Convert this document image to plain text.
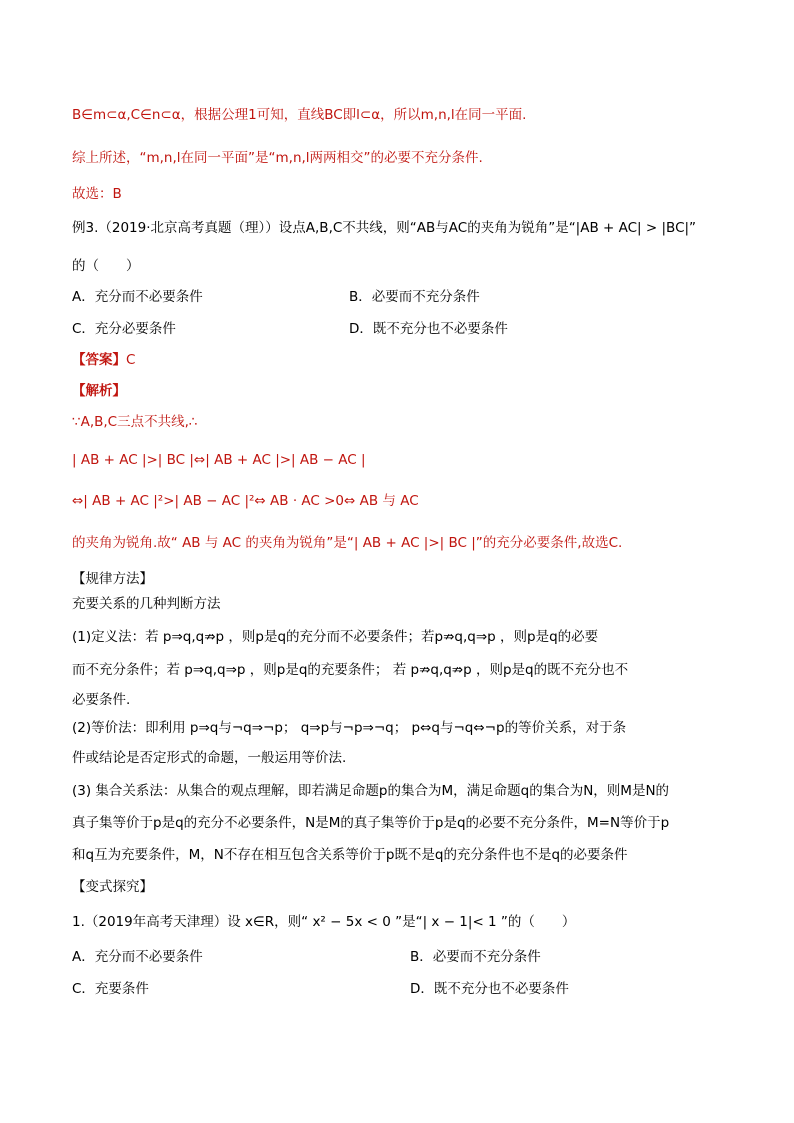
B∈m⊂α,C∈n⊂α，根据公理1可知，直线BC即l⊂α，所以m,n,l在同一平面.
综上所述，“m,n,l在同一平面”是“m,n,l两两相交”的必要不充分条件.
故选：B
例3.（2019·北京高考真题（理））设点A,B,C不共线，则“AB与AC的夹角为锐角”是“|AB + AC| > |BC|”
的（　　）
A．充分而不必要条件	B．必要而不充分条件
C．充分必要条件	D．既不充分也不必要条件
【答案】C
【解析】
∵A,B,C三点不共线,∴
| AB + AC |>| BC |⇔| AB + AC |>| AB − AC |
⇔| AB + AC |²>| AB − AC |²⇔ AB · AC >0⇔ AB 与 AC
的夹角为锐角.故“ AB 与 AC 的夹角为锐角”是“| AB + AC |>| BC |”的充分必要条件,故选C.
【规律方法】
充要关系的几种判断方法
(1)定义法：若 p⇒q,q⇏p ，则p是q的充分而不必要条件；若p⇏q,q⇒p ，则p是q的必要
而不充分条件；若 p⇒q,q⇒p ，则p是q的充要条件； 若 p⇏q,q⇏p ，则p是q的既不充分也不
必要条件.
(2)等价法：即利用 p⇒q与¬q⇒¬p； q⇒p与¬p⇒¬q； p⇔q与¬q⇔¬p的等价关系，对于条
件或结论是否定形式的命题，一般运用等价法.
(3) 集合关系法：从集合的观点理解，即若满足命题p的集合为M，满足命题q的集合为N，则M是N的
真子集等价于p是q的充分不必要条件，N是M的真子集等价于p是q的必要不充分条件，M=N等价于p
和q互为充要条件，M，N不存在相互包含关系等价于p既不是q的充分条件也不是q的必要条件
【变式探究】
1.（2019年高考天津理）设 x∈R，则“ x² − 5x < 0 ”是“| x − 1|< 1 ”的（　　）
A．充分而不必要条件	B．必要而不充分条件
C．充要条件	D．既不充分也不必要条件
